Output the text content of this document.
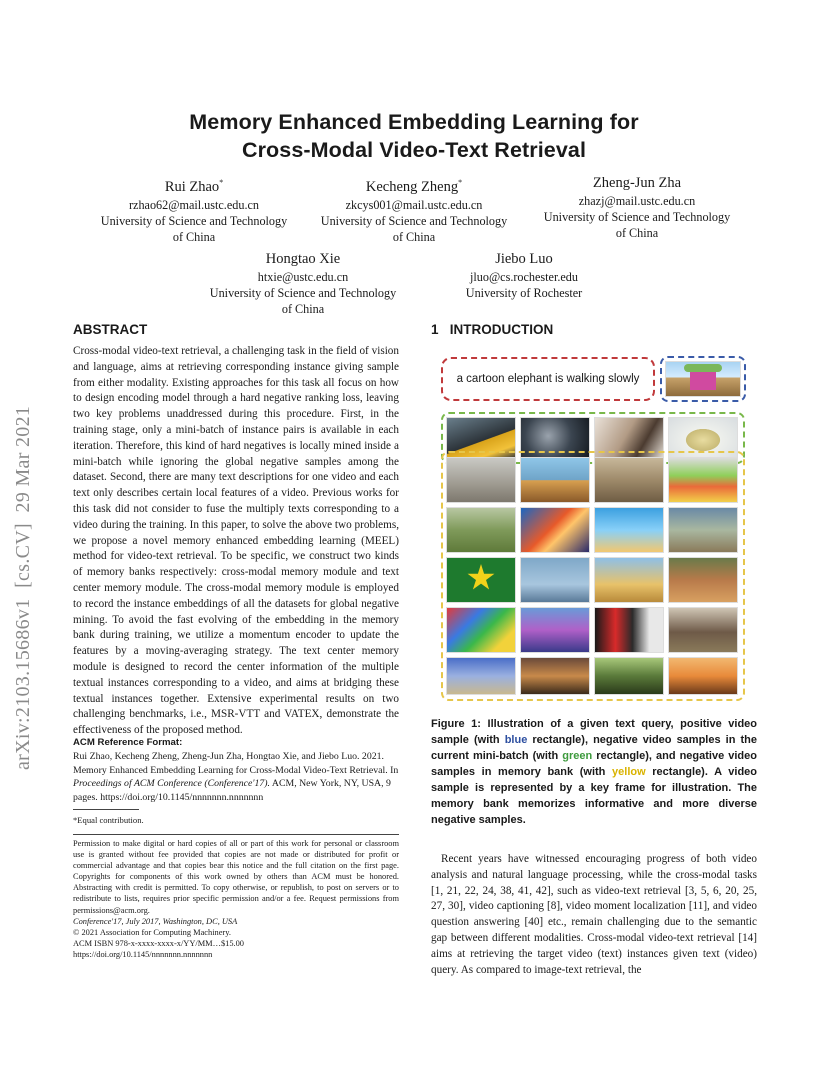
arXiv:2103.15686v1  [cs.CV]  29 Mar 2021
Memory Enhanced Embedding Learning for
Cross-Modal Video-Text Retrieval
Rui Zhao*
rzhao62@mail.ustc.edu.cn
University of Science and Technology
of China
Kecheng Zheng*
zkcys001@mail.ustc.edu.cn
University of Science and Technology
of China
Zheng-Jun Zha
zhazj@mail.ustc.edu.cn
University of Science and Technology
of China
Hongtao Xie
htxie@ustc.edu.cn
University of Science and Technology
of China
Jiebo Luo
jluo@cs.rochester.edu
University of Rochester
ABSTRACT
Cross-modal video-text retrieval, a challenging task in the field of vision and language, aims at retrieving corresponding instance giving sample from either modality. Existing approaches for this task all focus on how to design encoding model through a hard negative ranking loss, leaving two key problems unaddressed during this procedure. First, in the training stage, only a mini-batch of instance pairs is available in each iteration. Therefore, this kind of hard negatives is locally mined inside a mini-batch while ignoring the global negative samples among the dataset. Second, there are many text descriptions for one video and each text only describes certain local features of a video. Previous works for this task did not consider to fuse the multiply texts corresponding to a video during the training. In this paper, to solve the above two problems, we propose a novel memory enhanced embedding learning (MEEL) method for video-text retrieval. To be specific, we construct two kinds of memory banks respectively: cross-modal memory module and text center memory module. The cross-modal memory module is employed to record the instance embeddings of all the datasets for global negative mining. To avoid the fast evolving of the embedding in the memory bank during training, we utilize a momentum encoder to update the features by a moving-averaging strategy. The text center memory module is designed to record the center information of the multiple textual instances corresponding to a video, and aims at bridging these textual instances together. Extensive experimental results on two challenging benchmarks, i.e., MSR-VTT and VATEX, demonstrate the effectiveness of the proposed method.
ACM Reference Format:
Rui Zhao, Kecheng Zheng, Zheng-Jun Zha, Hongtao Xie, and Jiebo Luo. 2021. Memory Enhanced Embedding Learning for Cross-Modal Video-Text Retrieval. In Proceedings of ACM Conference (Conference'17). ACM, New York, NY, USA, 9 pages. https://doi.org/10.1145/nnnnnnn.nnnnnnn
*Equal contribution.
Permission to make digital or hard copies of all or part of this work for personal or classroom use is granted without fee provided that copies are not made or distributed for profit or commercial advantage and that copies bear this notice and the full citation on the first page. Copyrights for components of this work owned by others than ACM must be honored. Abstracting with credit is permitted. To copy otherwise, or republish, to post on servers or to redistribute to lists, requires prior specific permission and/or a fee. Request permissions from permissions@acm.org.
Conference'17, July 2017, Washington, DC, USA
© 2021 Association for Computing Machinery.
ACM ISBN 978-x-xxxx-xxxx-x/YY/MM…$15.00
https://doi.org/10.1145/nnnnnnn.nnnnnnn
1   INTRODUCTION
a cartoon elephant is walking slowly
Figure 1: Illustration of a given text query, positive video sample (with blue rectangle), negative video samples in the current mini-batch (with green rectangle), and negative video samples in memory bank (with yellow rectangle). A video sample is represented by a key frame for illustration. The memory bank memorizes informative and more diverse negative samples.
Recent years have witnessed encouraging progress of both video analysis and natural language processing, while the cross-modal tasks [1, 21, 22, 24, 38, 41, 42], such as video-text retrieval [3, 5, 6, 20, 25, 27, 30], video captioning [8], video moment localization [11], and video question answering [40] etc., remain challenging due to the semantic gap between different modalities. Cross-modal video-text retrieval [14] aims at retrieving the target video (text) instances given text (video) query. As compared to image-text retrieval, the
